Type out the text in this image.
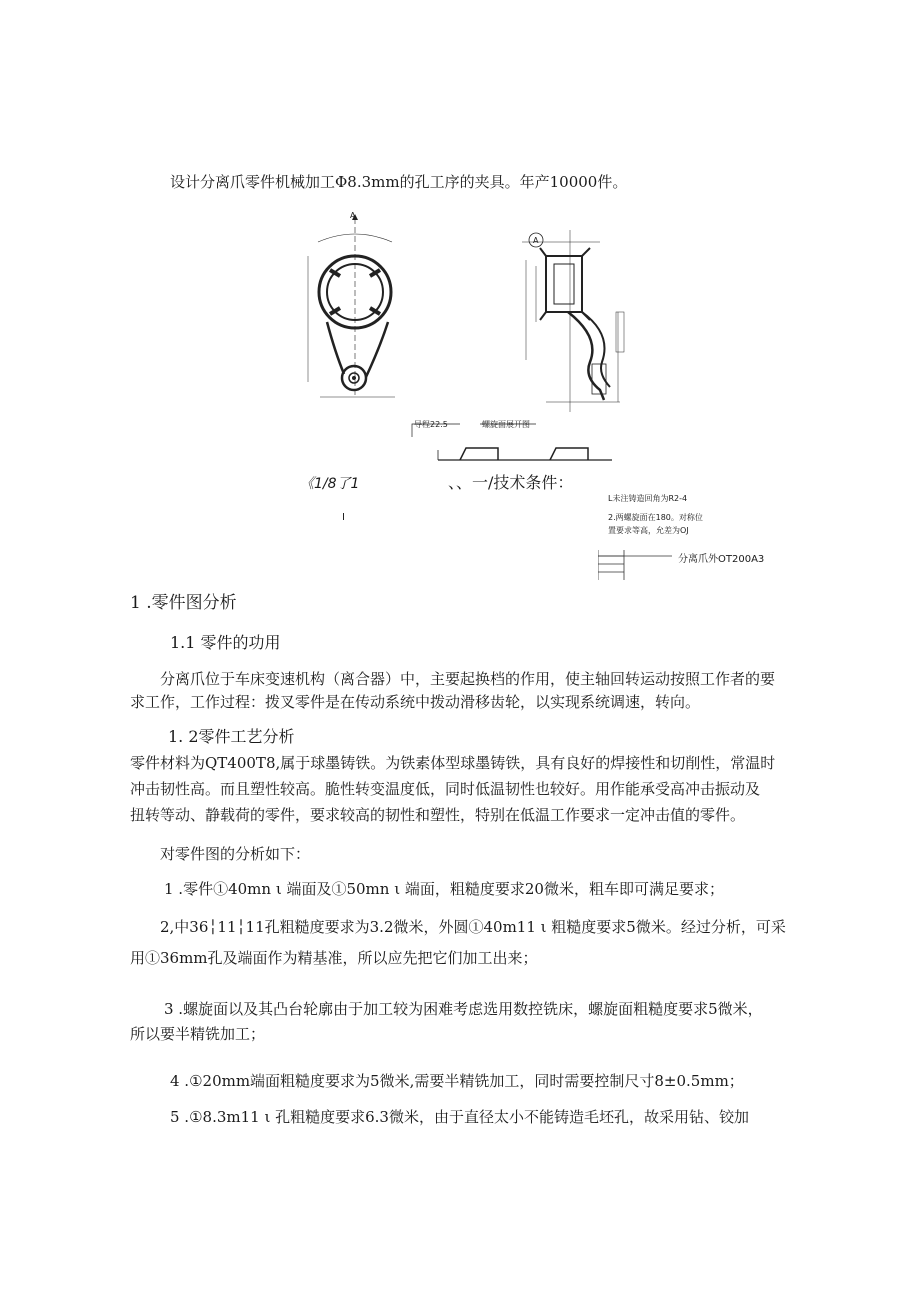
设计分离爪零件机械加工Φ8.3mm的孔工序的夹具。年产10000件。
A
A
导程22.5	螺旋面展开图
《1/8了1	、、一/技术条件：
L未注铸造回角为R2-4
2.两螺旋面在180。对称位
置要求等高，允差为OJ
I
分离爪外OT200A3
1 .零件图分析
1.1 零件的功用
分离爪位于车床变速机构（离合器）中，主要起换档的作用，使主轴回转运动按照工作者的要
求工作，工作过程：拨叉零件是在传动系统中拨动滑移齿轮，以实现系统调速，转向。
1. 2零件工艺分析
零件材料为QT400T8,属于球墨铸铁。为铁素体型球墨铸铁，具有良好的焊接性和切削性，常温时
冲击韧性高。而且塑性较高。脆性转变温度低，同时低温韧性也较好。用作能承受高冲击振动及
扭转等动、静载荷的零件，要求较高的韧性和塑性，特别在低温工作要求一定冲击值的零件。
对零件图的分析如下：
1 .零件①40mn ι 端面及①50mn ι 端面，粗糙度要求20微米，粗车即可满足要求；
2,中36╎11╎11孔粗糙度要求为3.2微米，外圆①40m11 ι 粗糙度要求5微米。经过分析，可采
用①36mm孔及端面作为精基准，所以应先把它们加工出来；
3 .螺旋面以及其凸台轮廓由于加工较为困难考虑选用数控铣床，螺旋面粗糙度要求5微米，
所以要半精铣加工；
4 .①20mm端面粗糙度要求为5微米,需要半精铣加工，同时需要控制尺寸8±0.5mm；
5 .①8.3m11 ι 孔粗糙度要求6.3微米，由于直径太小不能铸造毛坯孔，故采用钻、铰加
